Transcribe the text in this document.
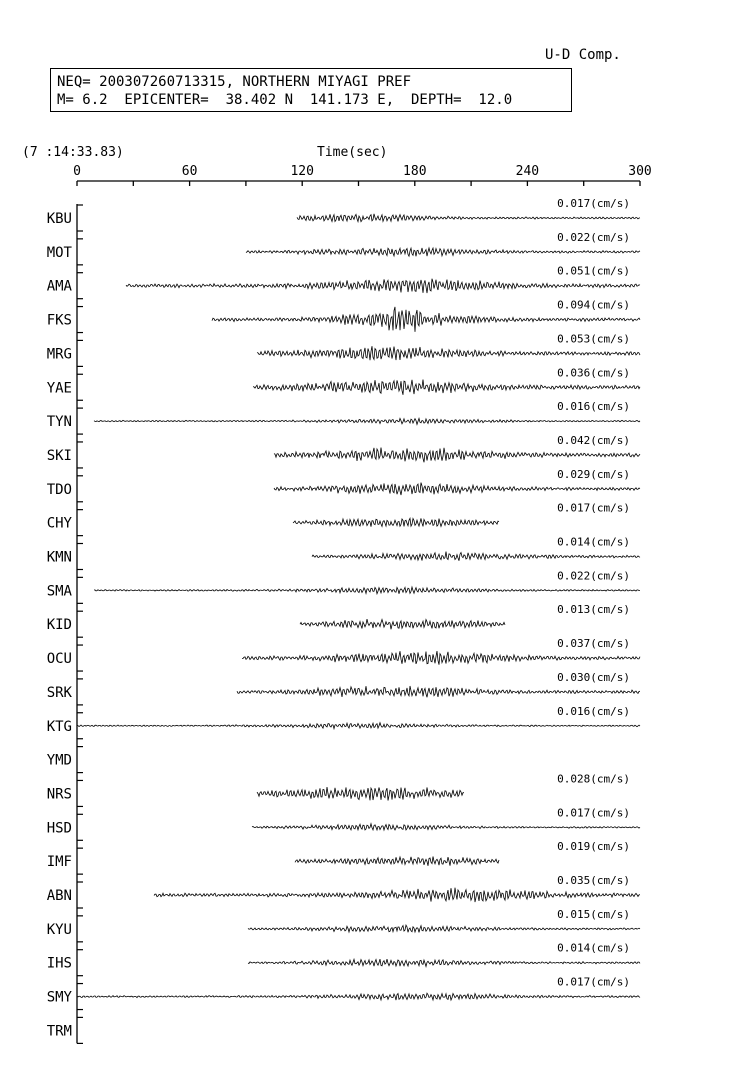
U-D Comp.
NEQ= 200307260713315, NORTHERN MIYAGI PREF
M= 6.2  EPICENTER=  38.402 N  141.173 E,  DEPTH=  12.0
(7 :14:33.83)	Time(sec)
0	60	120	180	240	300
KBU
0.017(cm/s)
MOT
0.022(cm/s)
AMA
0.051(cm/s)
FKS
0.094(cm/s)
MRG
0.053(cm/s)
YAE
0.036(cm/s)
TYN
0.016(cm/s)
SKI
0.042(cm/s)
TDO
0.029(cm/s)
CHY
0.017(cm/s)
KMN
0.014(cm/s)
SMA
0.022(cm/s)
KID
0.013(cm/s)
OCU
0.037(cm/s)
SRK
0.030(cm/s)
KTG
0.016(cm/s)
YMD
NRS
0.028(cm/s)
HSD
0.017(cm/s)
IMF
0.019(cm/s)
ABN
0.035(cm/s)
KYU
0.015(cm/s)
IHS
0.014(cm/s)
SMY
0.017(cm/s)
TRM
